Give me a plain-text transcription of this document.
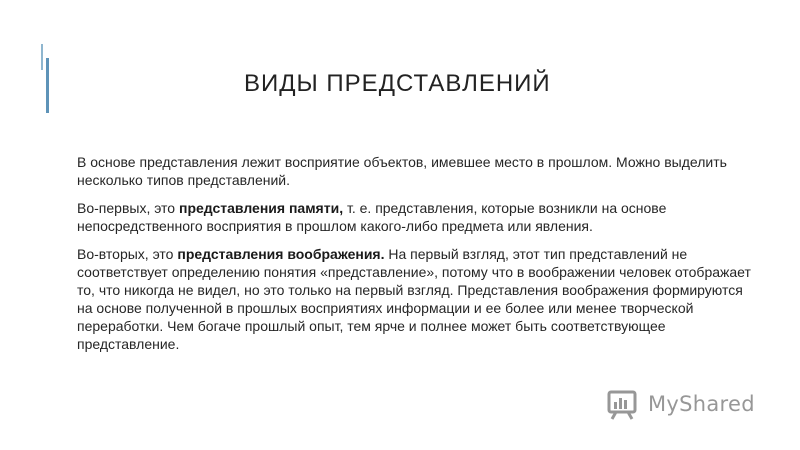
ВИДЫ ПРЕДСТАВЛЕНИЙ

В основе представления лежит восприятие объектов, имевшее место в прошлом. Можно выделить несколько типов представлений.

Во-первых, это представления памяти, т. е. представления, которые возникли на основе непосредственного восприятия в прошлом какого-либо предмета или явления.

Во-вторых, это представления воображения. На первый взгляд, этот тип представлений не соответствует определению понятия «представление», потому что в воображении человек отображает то, что никогда не видел, но это только на первый взгляд. Представления воображения формируются на основе полученной в прошлых восприятиях информации и ее более или менее творческой переработки. Чем богаче прошлый опыт, тем ярче и полнее может быть соответствующее представление.

MyShared
